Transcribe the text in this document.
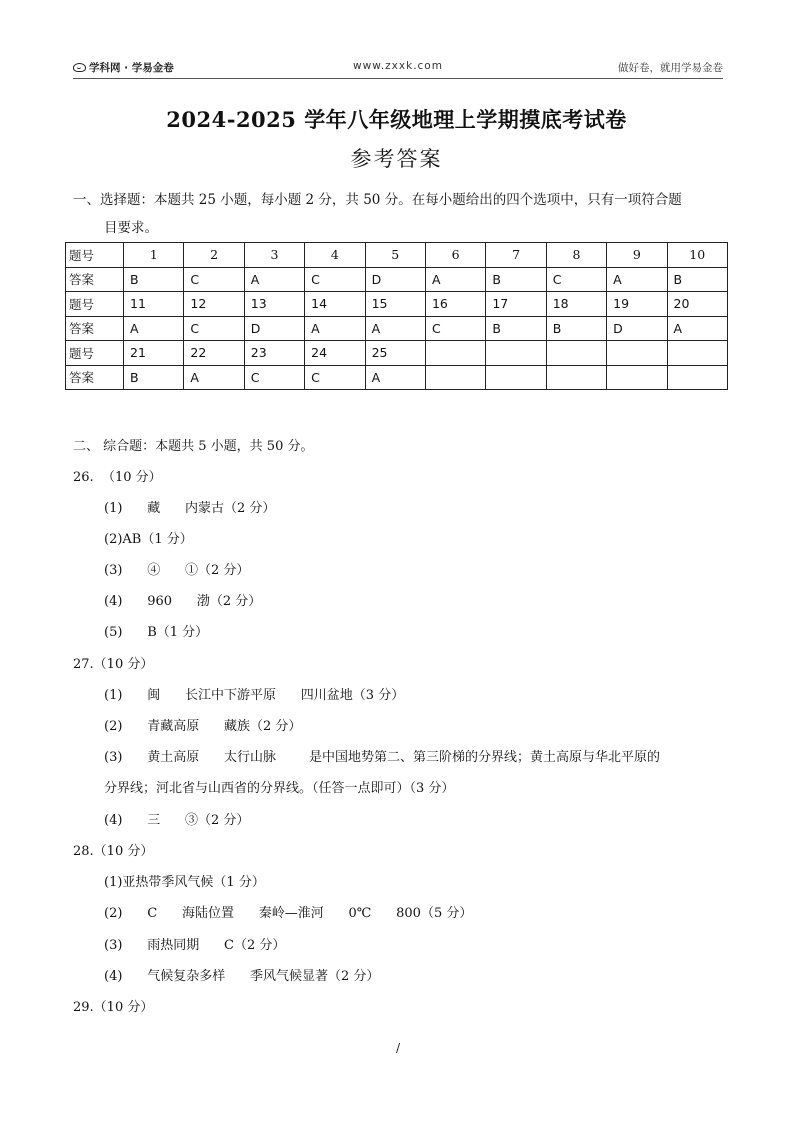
学科网 · 学易金卷	www.zxxk.com	做好卷，就用学易金卷
2024-2025 学年八年级地理上学期摸底考试卷
参考答案
一、选择题：本题共 25 小题，每小题 2 分，共 50 分。在每小题给出的四个选项中，只有一项符合题
目要求。
题号	1	2	3	4	5	6	7	8	9	10
答案	B	C	A	C	D	A	B	C	A	B
题号	11	12	13	14	15	16	17	18	19	20
答案	A	C	D	A	A	C	B	B	D	A
题号	21	22	23	24	25					
答案	B	A	C	C	A					
二、 综合题：本题共 5 小题，共 50 分。
26.  （10 分）
(1)      藏      内蒙古（2 分）
(2)AB（1 分）
(3)      ④      ①（2 分）
(4)      960      渤（2 分）
(5)      B（1 分）
27.（10 分）
(1)      闽      长江中下游平原      四川盆地（3 分）
(2)      青藏高原      藏族（2 分）
(3)      黄土高原      太行山脉        是中国地势第二、第三阶梯的分界线；黄土高原与华北平原的
分界线；河北省与山西省的分界线。（任答一点即可）（3 分）
(4)      三      ③（2 分）
28.（10 分）
(1)亚热带季风气候（1 分）
(2)      C      海陆位置      秦岭—淮河      0℃      800（5 分）
(3)      雨热同期      C（2 分）
(4)      气候复杂多样      季风气候显著（2 分）
29.（10 分）
/
